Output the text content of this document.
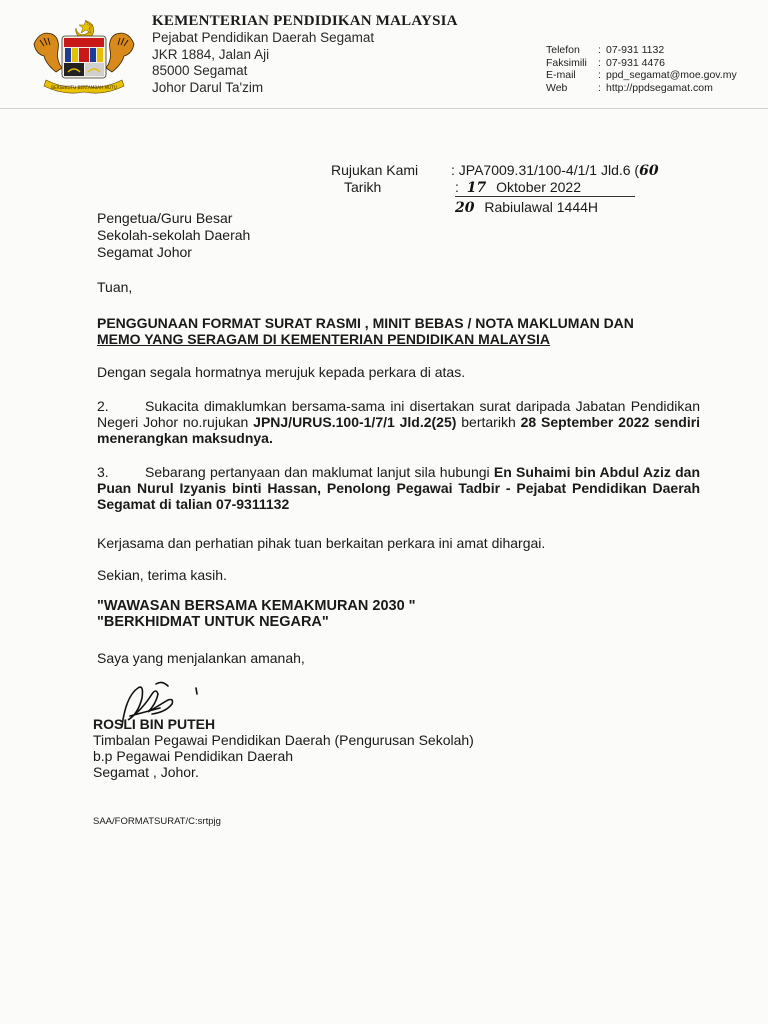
BERSEKUTU BERTAMBAH MUTU
KEMENTERIAN PENDIDIKAN MALAYSIA
Pejabat Pendidikan Daerah Segamat
JKR 1884, Jalan Aji
85000 Segamat
Johor Darul Ta'zim
Telefon	: 07-931 1132
Faksimili	: 07-931 4476
E-mail	: ppd_segamat@moe.gov.my
Web	: http://ppdsegamat.com
Rujukan Kami : JPA7009.31/100-4/1/1 Jld.6 (60
Tarikh	: 17 Oktober 2022
20 Rabiulawal 1444H
Pengetua/Guru Besar
Sekolah-sekolah Daerah
Segamat Johor
Tuan,
PENGGUNAAN FORMAT SURAT RASMI , MINIT BEBAS / NOTA MAKLUMAN DAN
MEMO YANG SERAGAM DI KEMENTERIAN PENDIDIKAN MALAYSIA
Dengan segala hormatnya merujuk kepada perkara di atas.
2.	Sukacita dimaklumkan bersama-sama ini disertakan surat daripada Jabatan Pendidikan Negeri Johor no.rujukan JPNJ/URUS.100-1/7/1 Jld.2(25) bertarikh 28 September 2022 sendiri menerangkan maksudnya.
3.	Sebarang pertanyaan dan maklumat lanjut sila hubungi En Suhaimi bin Abdul Aziz dan Puan Nurul Izyanis binti Hassan, Penolong Pegawai Tadbir - Pejabat Pendidikan Daerah Segamat di talian 07-9311132
Kerjasama dan perhatian pihak tuan berkaitan perkara ini amat dihargai.
Sekian, terima kasih.
"WAWASAN BERSAMA KEMAKMURAN 2030 "
"BERKHIDMAT UNTUK NEGARA"
Saya yang menjalankan amanah,
ROSLI BIN PUTEH
Timbalan Pegawai Pendidikan Daerah (Pengurusan Sekolah)
b.p Pegawai Pendidikan Daerah
Segamat , Johor.
SAA/FORMATSURAT/C:srtpjg
